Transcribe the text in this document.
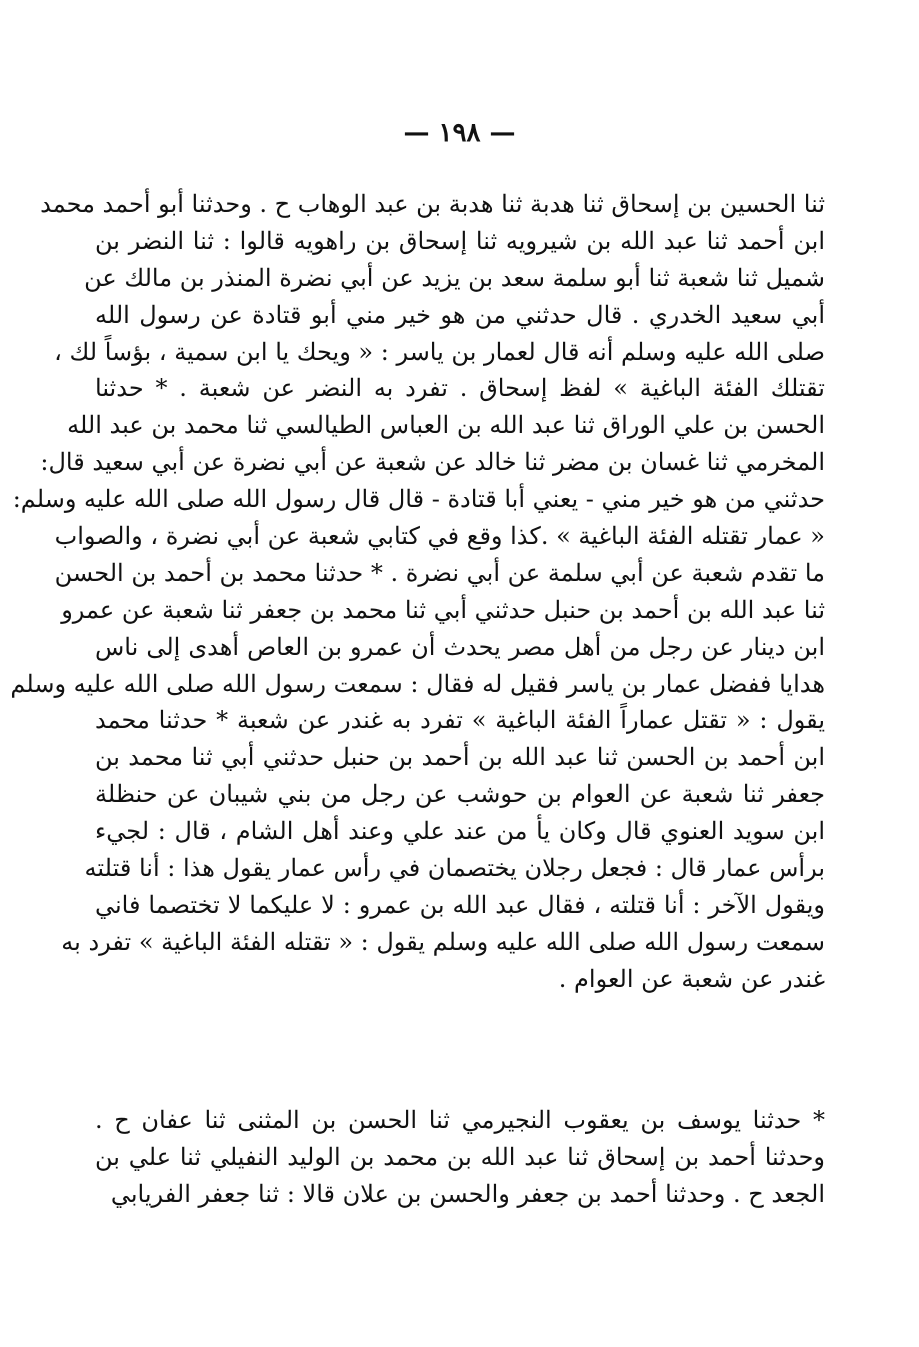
— ١٩٨ —
ثنا الحسين بن إسحاق ثنا هدبة ثنا هدبة بن عبد الوهاب ح . وحدثنا أبو أحمد محمد
ابن أحمد ثنا عبد الله بن شيرويه ثنا إسحاق بن راهويه قالوا : ثنا النضر بن
شميل ثنا شعبة ثنا أبو سلمة سعد بن يزيد عن أبي نضرة المنذر بن مالك عن
أبي سعيد الخدري . قال حدثني من هو خير مني أبو قتادة عن رسول الله
صلى الله عليه وسلم أنه قال لعمار بن ياسر : « ويحك يا ابن سمية ، بؤساً لك ،
تقتلك الفئة الباغية » لفظ إسحاق . تفرد به النضر عن شعبة . * حدثنا
الحسن بن علي الوراق ثنا عبد الله بن العباس الطيالسي ثنا محمد بن عبد الله
المخرمي ثنا غسان بن مضر ثنا خالد عن شعبة عن أبي نضرة عن أبي سعيد قال:
حدثني من هو خير مني - يعني أبا قتادة - قال قال رسول الله صلى الله عليه وسلم:
« عمار تقتله الفئة الباغية » .كذا وقع في كتابي شعبة عن أبي نضرة ، والصواب
ما تقدم شعبة عن أبي سلمة عن أبي نضرة . * حدثنا محمد بن أحمد بن الحسن
ثنا عبد الله بن أحمد بن حنبل حدثني أبي ثنا محمد بن جعفر ثنا شعبة عن عمرو
ابن دينار عن رجل من أهل مصر يحدث أن عمرو بن العاص أهدى إلى ناس
هدايا ففضل عمار بن ياسر فقيل له فقال : سمعت رسول الله صلى الله عليه وسلم
يقول : « تقتل عماراً الفئة الباغية » تفرد به غندر عن شعبة * حدثنا محمد
ابن أحمد بن الحسن ثنا عبد الله بن أحمد بن حنبل حدثني أبي ثنا محمد بن
جعفر ثنا شعبة عن العوام بن حوشب عن رجل من بني شيبان عن حنظلة
ابن سويد العنوي قال وكان يأ من عند علي وعند أهل الشام ، قال : لجيء
برأس عمار قال : فجعل رجلان يختصمان في رأس عمار يقول هذا : أنا قتلته
ويقول الآخر : أنا قتلته ، فقال عبد الله بن عمرو : لا عليكما لا تختصما فاني
سمعت رسول الله صلى الله عليه وسلم يقول : « تقتله الفئة الباغية » تفرد به
غندر عن شعبة عن العوام .
* حدثنا يوسف بن يعقوب النجيرمي ثنا الحسن بن المثنى ثنا عفان ح .
وحدثنا أحمد بن إسحاق ثنا عبد الله بن محمد بن الوليد النفيلي ثنا علي بن
الجعد ح . وحدثنا أحمد بن جعفر والحسن بن علان قالا : ثنا جعفر الفريابي
